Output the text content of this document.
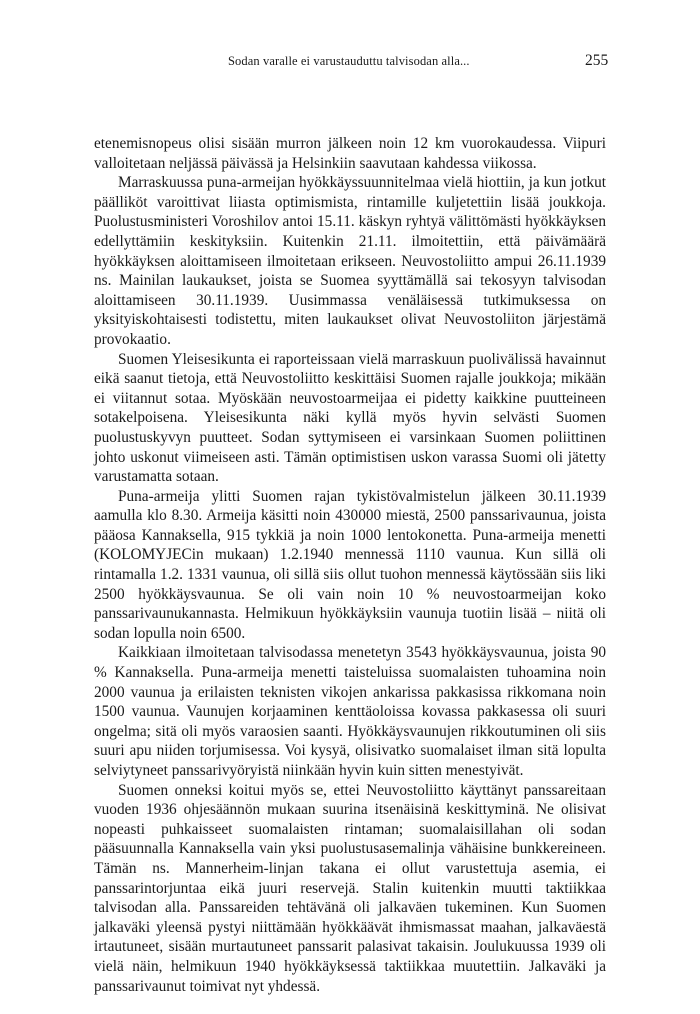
Sodan varalle ei varustauduttu talvisodan alla...	255

etenemisnopeus olisi sisään murron jälkeen noin 12 km vuorokaudessa. Viipuri valloitetaan neljässä päivässä ja Helsinkiin saavutaan kahdessa viikossa.

Marraskuussa puna-armeijan hyökkäyssuunnitelmaa vielä hiottiin, ja kun jotkut päälliköt varoittivat liiasta optimismista, rintamille kuljetettiin lisää joukkoja. Puolustusministeri Voroshilov antoi 15.11. käskyn ryhtyä välittömästi hyökkäyksen edellyttämiin keskityksiin. Kuitenkin 21.11. ilmoitettiin, että päivämäärä hyökkäyksen aloittamiseen ilmoitetaan erikseen. Neuvostoliitto ampui 26.11.1939 ns. Mainilan laukaukset, joista se Suomea syyttämällä sai tekosyyn talvisodan aloittamiseen 30.11.1939. Uusimmassa venäläisessä tutkimuksessa on yksityiskohtaisesti todistettu, miten laukaukset olivat Neuvostoliiton järjestämä provokaatio.

Suomen Yleisesikunta ei raporteissaan vielä marraskuun puolivälissä havainnut eikä saanut tietoja, että Neuvostoliitto keskittäisi Suomen rajalle joukkoja; mikään ei viitannut sotaa. Myöskään neuvostoarmeijaa ei pidetty kaikkine puutteineen sotakelpoisena. Yleisesikunta näki kyllä myös hyvin selvästi Suomen puolustuskyvyn puutteet. Sodan syttymiseen ei varsinkaan Suomen poliittinen johto uskonut viimeiseen asti. Tämän optimistisen uskon varassa Suomi oli jätetty varustamatta sotaan.

Puna-armeija ylitti Suomen rajan tykistövalmistelun jälkeen 30.11.1939 aamulla klo 8.30. Armeija käsitti noin 430000 miestä, 2500 panssarivaunua, joista pääosa Kannaksella, 915 tykkiä ja noin 1000 lentokonetta. Puna-armeija menetti (KOLOMYJECin mukaan) 1.2.1940 mennessä 1110 vaunua. Kun sillä oli rintamalla 1.2. 1331 vaunua, oli sillä siis ollut tuohon mennessä käytössään siis liki 2500 hyökkäysvaunua. Se oli vain noin 10 % neuvostoarmeijan koko panssarivaunukannasta. Helmikuun hyökkäyksiin vaunuja tuotiin lisää – niitä oli sodan lopulla noin 6500.

Kaikkiaan ilmoitetaan talvisodassa menetetyn 3543 hyökkäysvaunua, joista 90 % Kannaksella. Puna-armeija menetti taisteluissa suomalaisten tuhoamina noin 2000 vaunua ja erilaisten teknisten vikojen ankarissa pakkasissa rikkomana noin 1500 vaunua. Vaunujen korjaaminen kenttäoloissa kovassa pakkasessa oli suuri ongelma; sitä oli myös varaosien saanti. Hyökkäysvaunujen rikkoutuminen oli siis suuri apu niiden torjumisessa. Voi kysyä, olisivatko suomalaiset ilman sitä lopulta selviytyneet panssarivyöryistä niinkään hyvin kuin sitten menestyivät.

Suomen onneksi koitui myös se, ettei Neuvostoliitto käyttänyt panssareitaan vuoden 1936 ohjesäännön mukaan suurina itsenäisinä keskittyminä. Ne olisivat nopeasti puhkaisseet suomalaisten rintaman; suomalaisillahan oli sodan pääsuunnalla Kannaksella vain yksi puolustusasemalinja vähäisine bunkkereineen. Tämän ns. Mannerheim-linjan takana ei ollut varustettuja asemia, ei panssarintorjuntaa eikä juuri reservejä. Stalin kuitenkin muutti taktiikkaa talvisodan alla. Panssareiden tehtävänä oli jalkaväen tukeminen. Kun Suomen jalkaväki yleensä pystyi niittämään hyökkäävät ihmismassat maahan, jalkaväestä irtautuneet, sisään murtautuneet panssarit palasivat takaisin. Joulukuussa 1939 oli vielä näin, helmikuun 1940 hyökkäyksessä taktiikkaa muutettiin. Jalkaväki ja panssarivaunut toimivat nyt yhdessä.
